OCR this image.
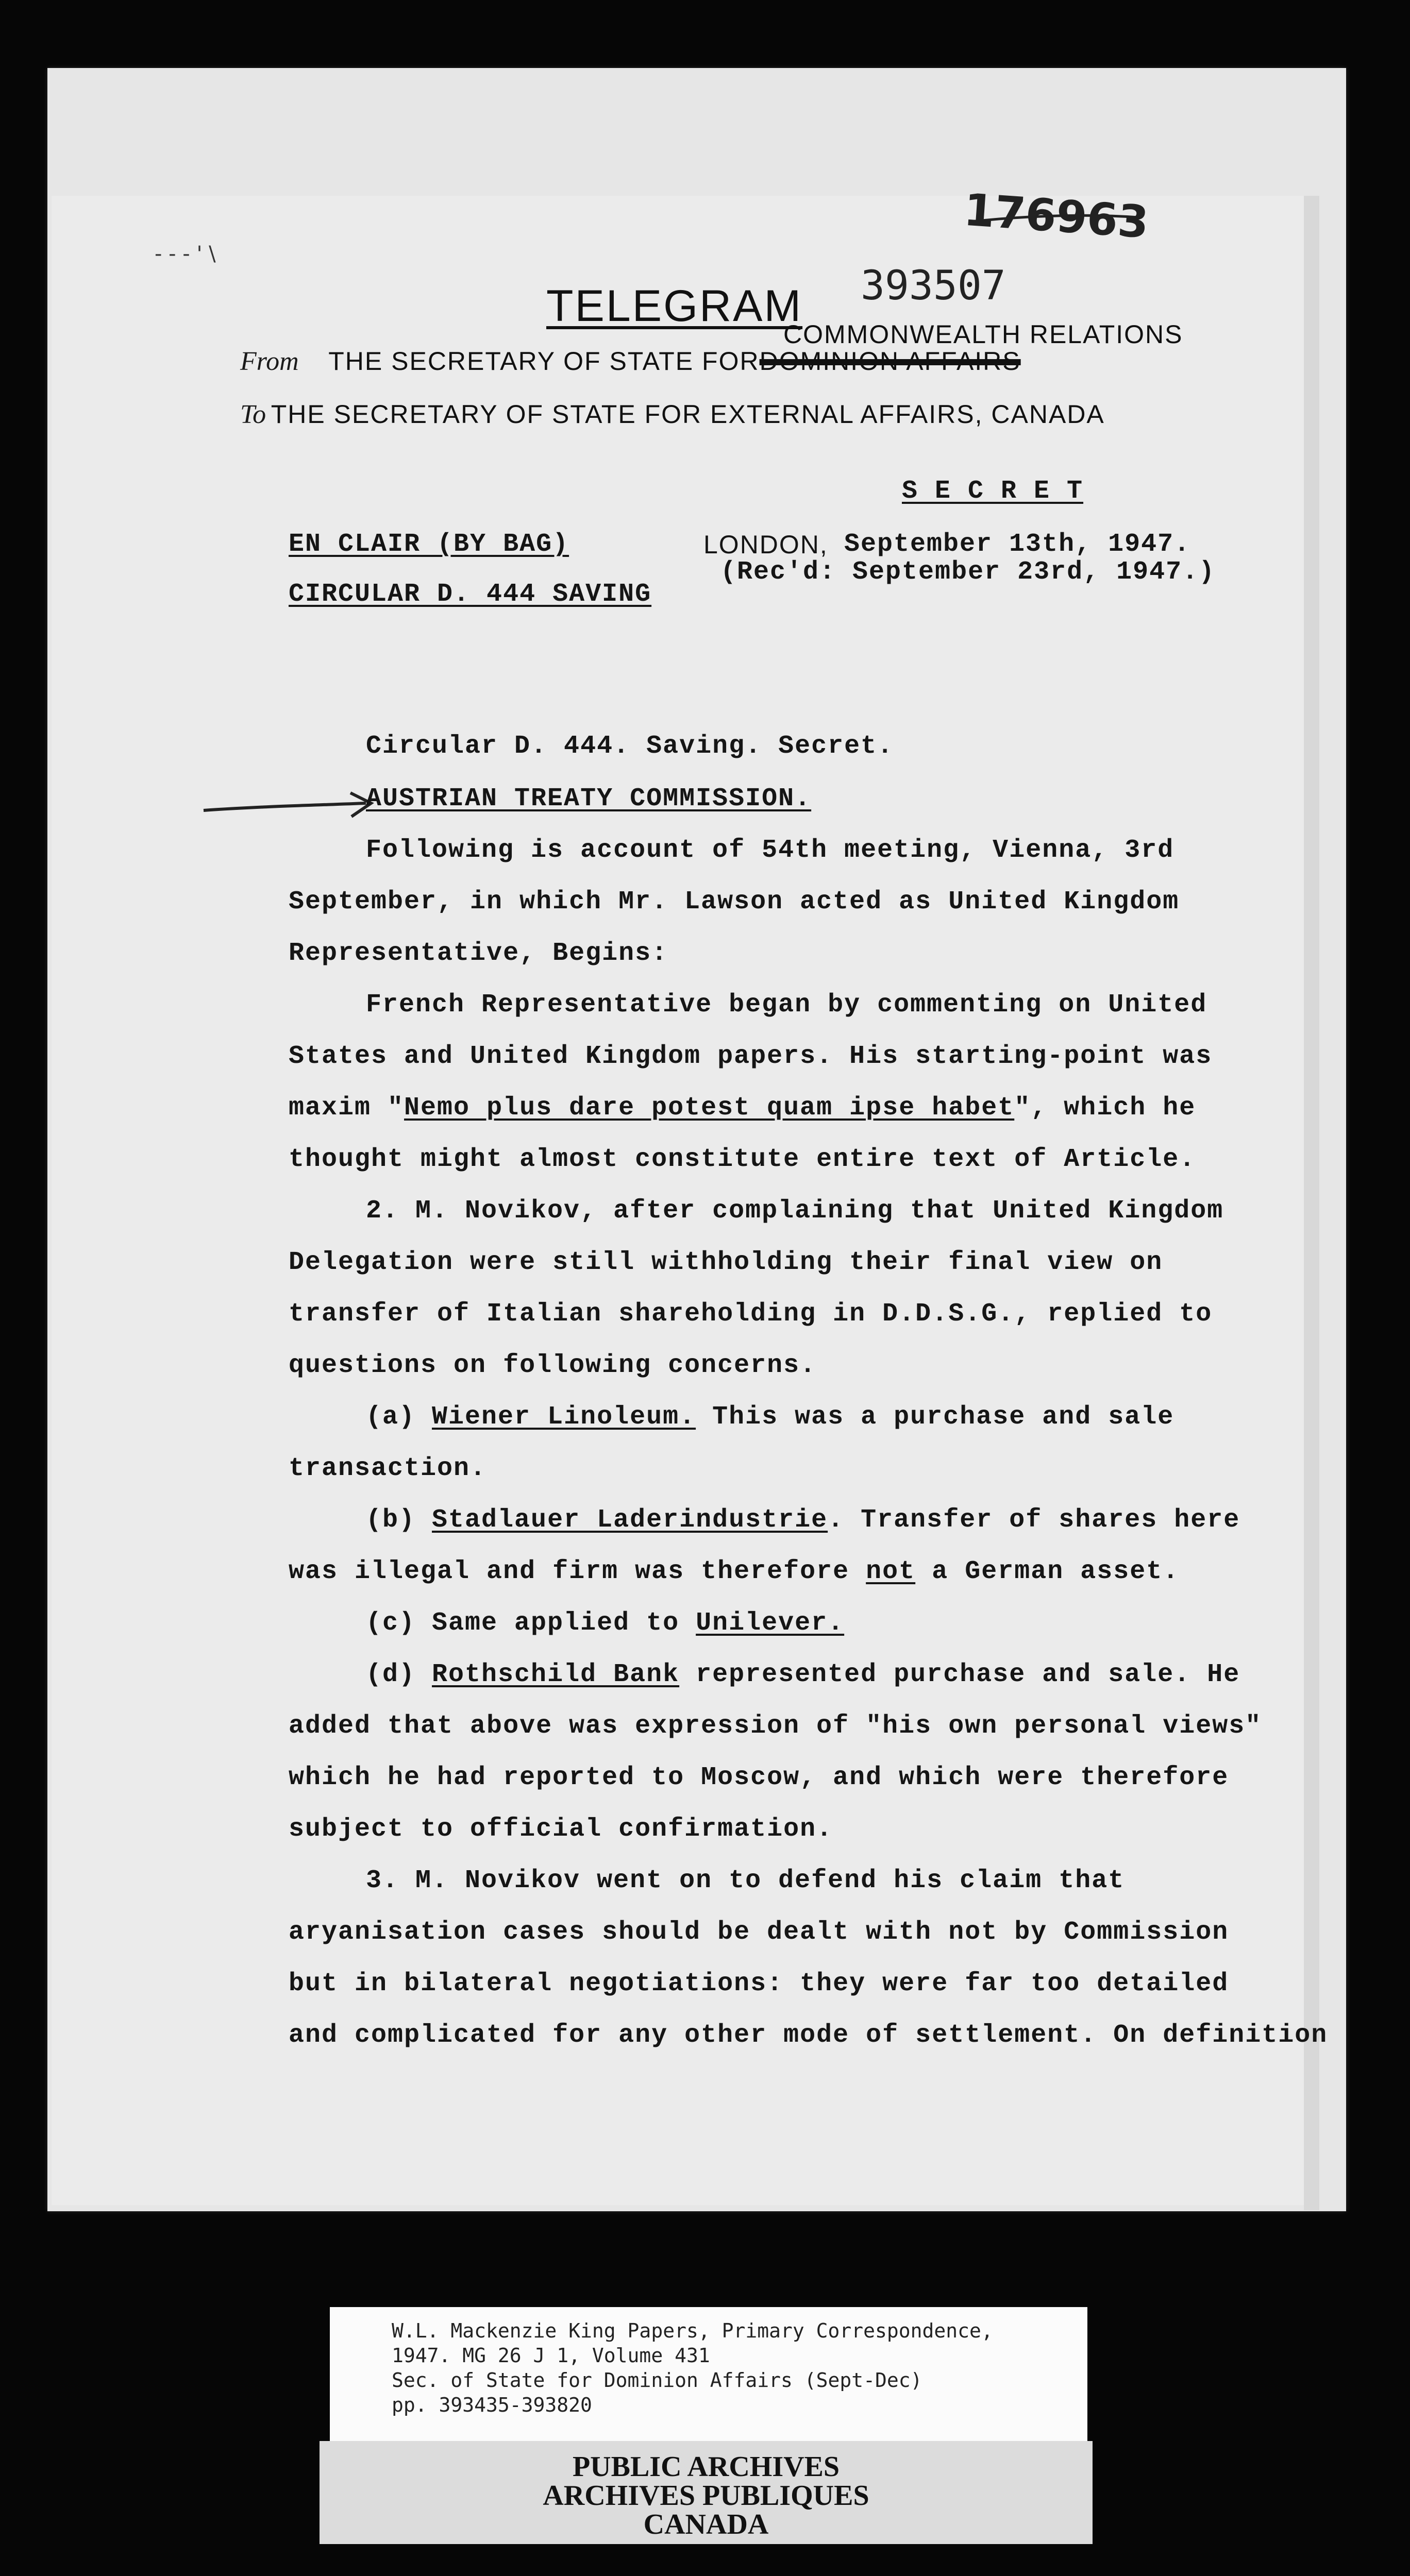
176963
393507
- - - ' \
TELEGRAM
COMMONWEALTH RELATIONS
From THE SECRETARY OF STATE FORDOMINION AFFAIRS
To THE SECRETARY OF STATE FOR EXTERNAL AFFAIRS, CANADA
S E C R E T
EN CLAIR (BY BAG)
CIRCULAR D. 444 SAVING
LONDON, September 13th, 1947.
(Rec'd: September 23rd, 1947.)
Circular D. 444. Saving. Secret.
AUSTRIAN TREATY COMMISSION.
Following is account of 54th meeting, Vienna, 3rd
September, in which Mr. Lawson acted as United Kingdom
Representative, Begins:
French Representative began by commenting on United
States and United Kingdom papers. His starting-point was
maxim "Nemo plus dare potest quam ipse habet", which he
thought might almost constitute entire text of Article.
2. M. Novikov, after complaining that United Kingdom
Delegation were still withholding their final view on
transfer of Italian shareholding in D.D.S.G., replied to
questions on following concerns.
(a) Wiener Linoleum. This was a purchase and sale
transaction.
(b) Stadlauer Laderindustrie. Transfer of shares here
was illegal and firm was therefore not a German asset.
(c) Same applied to Unilever.
(d) Rothschild Bank represented purchase and sale. He
added that above was expression of "his own personal views"
which he had reported to Moscow, and which were therefore
subject to official confirmation.
3. M. Novikov went on to defend his claim that
aryanisation cases should be dealt with not by Commission
but in bilateral negotiations: they were far too detailed
and complicated for any other mode of settlement. On definition
W.L. Mackenzie King Papers, Primary Correspondence,
1947. MG 26 J 1, Volume 431
Sec. of State for Dominion Affairs (Sept-Dec)
pp. 393435-393820
PUBLIC ARCHIVES
ARCHIVES PUBLIQUES
CANADA
